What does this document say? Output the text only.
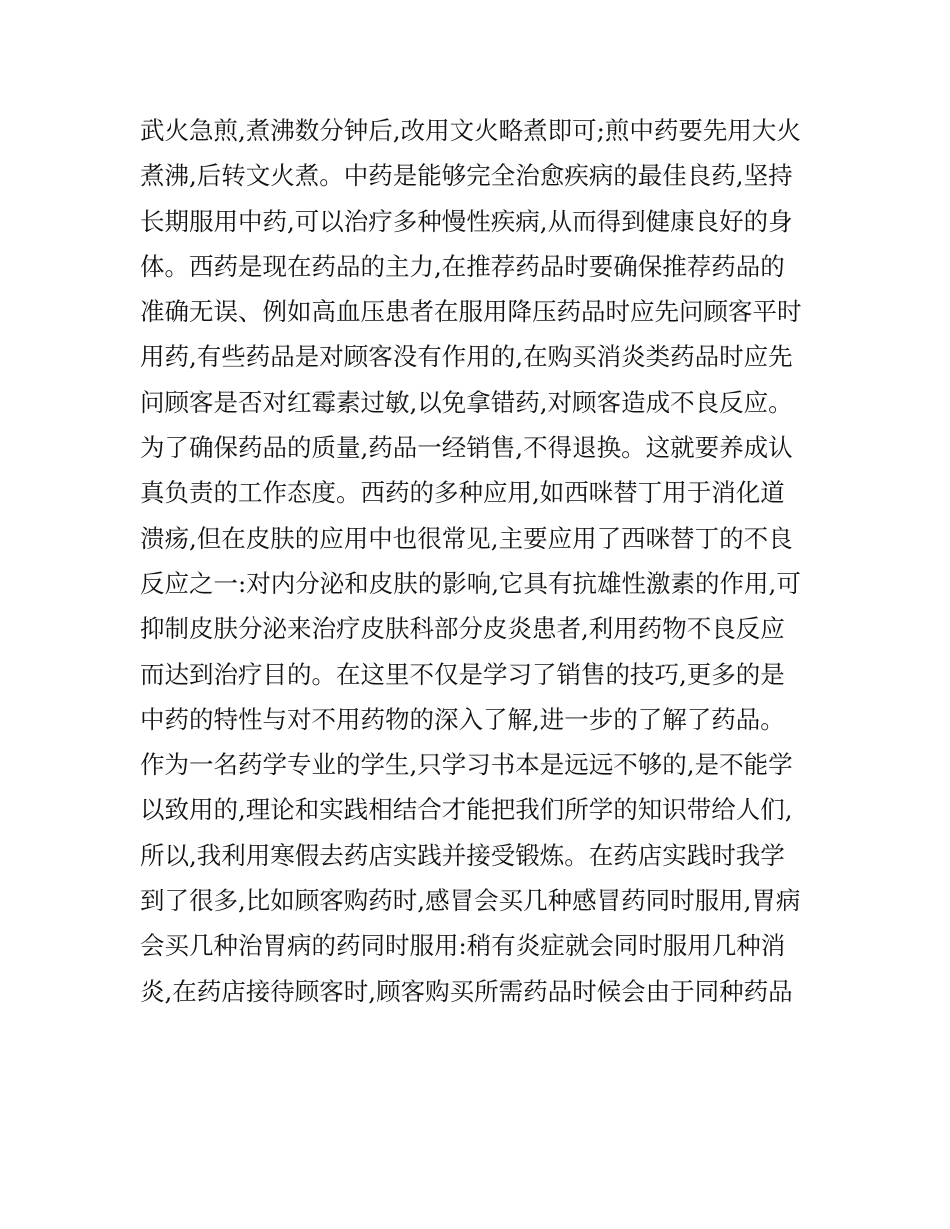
武火急煎,煮沸数分钟后,改用文火略煮即可;煎中药要先用大火
煮沸,后转文火煮。中药是能够完全治愈疾病的最佳良药,坚持
长期服用中药,可以治疗多种慢性疾病,从而得到健康良好的身
体。西药是现在药品的主力,在推荐药品时要确保推荐药品的
准确无误、例如高血压患者在服用降压药品时应先问顾客平时
用药,有些药品是对顾客没有作用的,在购买消炎类药品时应先
问顾客是否对红霉素过敏,以免拿错药,对顾客造成不良反应。
为了确保药品的质量,药品一经销售,不得退换。这就要养成认
真负责的工作态度。西药的多种应用,如西咪替丁用于消化道
溃疡,但在皮肤的应用中也很常见,主要应用了西咪替丁的不良
反应之一:对内分泌和皮肤的影响,它具有抗雄性激素的作用,可
抑制皮肤分泌来治疗皮肤科部分皮炎患者,利用药物不良反应
而达到治疗目的。在这里不仅是学习了销售的技巧,更多的是
中药的特性与对不用药物的深入了解,进一步的了解了药品。
作为一名药学专业的学生,只学习书本是远远不够的,是不能学
以致用的,理论和实践相结合才能把我们所学的知识带给人们,
所以,我利用寒假去药店实践并接受锻炼。在药店实践时我学
到了很多,比如顾客购药时,感冒会买几种感冒药同时服用,胃病
会买几种治胃病的药同时服用:稍有炎症就会同时服用几种消
炎,在药店接待顾客时,顾客购买所需药品时候会由于同种药品
